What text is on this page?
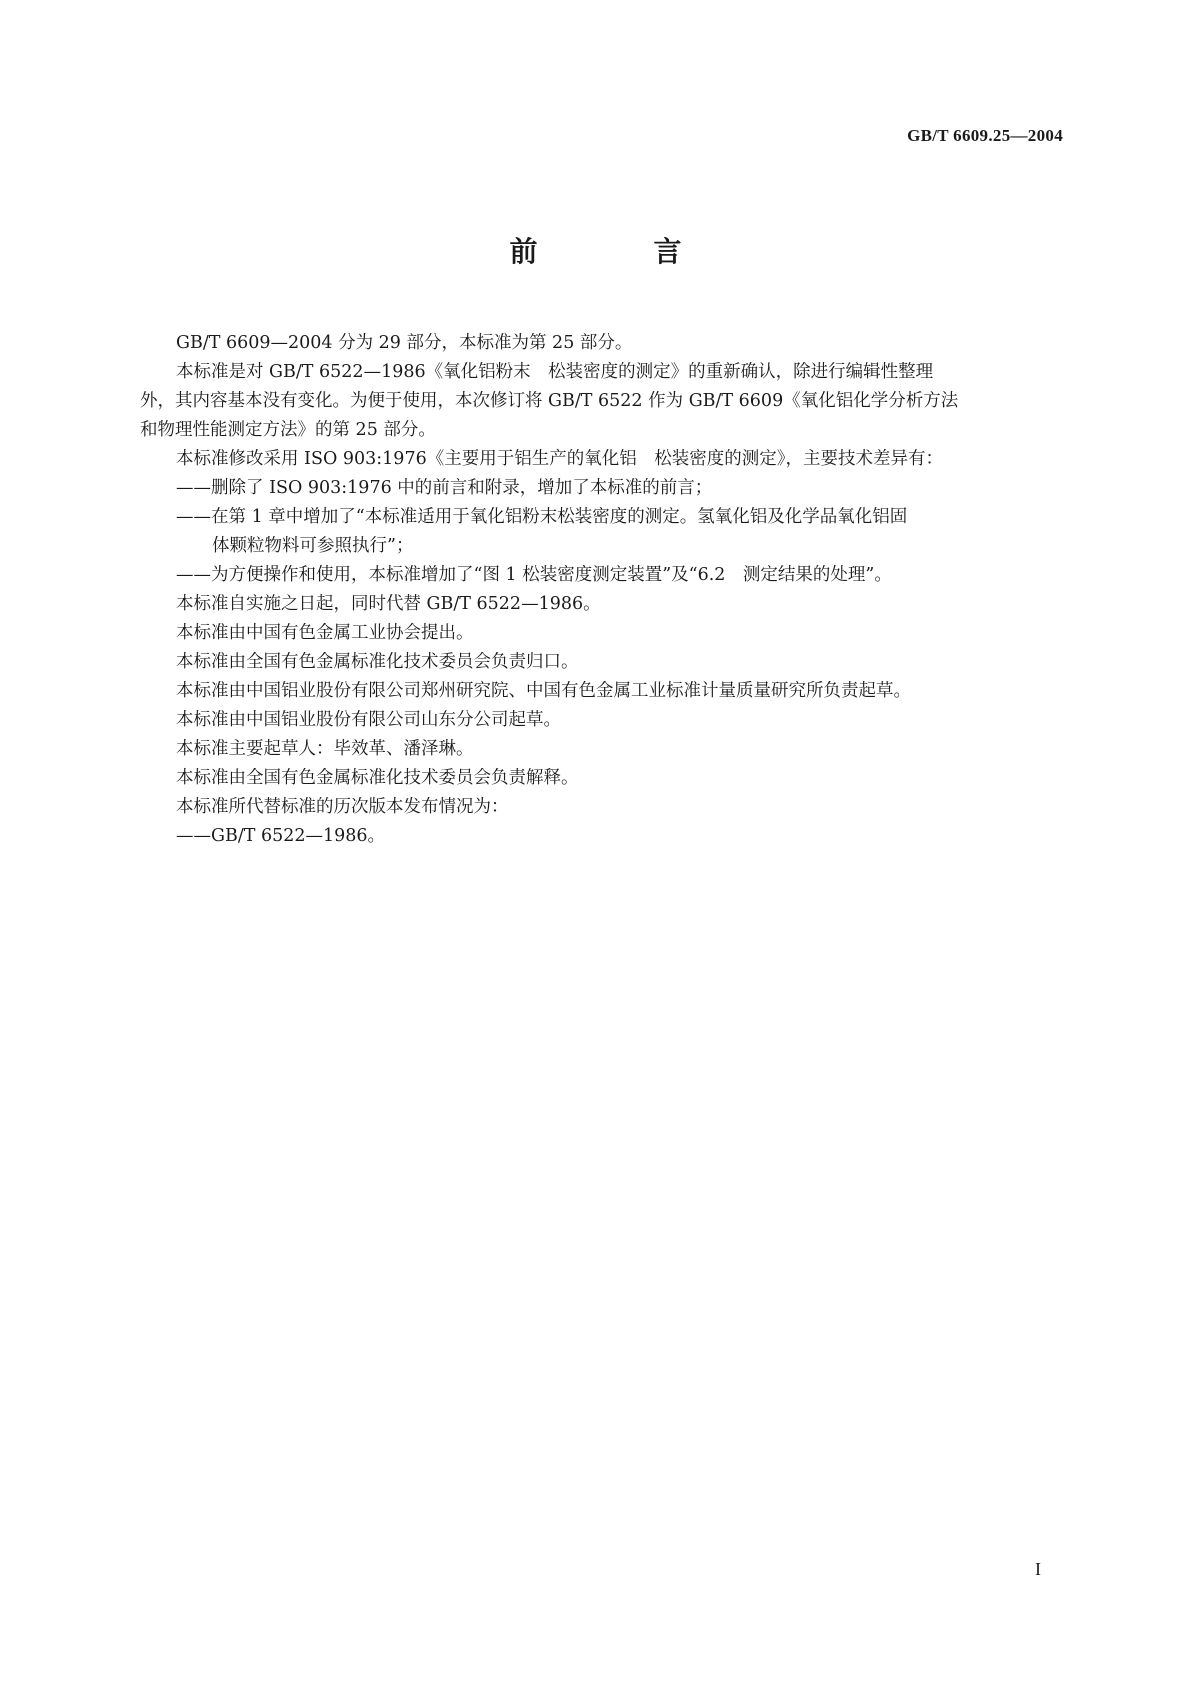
GB/T 6609.25—2004
前　言

GB/T 6609—2004 分为 29 部分，本标准为第 25 部分。

本标准是对 GB/T 6522—1986《氧化铝粉末　松装密度的测定》的重新确认，除进行编辑性整理
外，其内容基本没有变化。为便于使用，本次修订将 GB/T 6522 作为 GB/T 6609《氧化铝化学分析方法
和物理性能测定方法》的第 25 部分。

本标准修改采用 ISO 903:1976《主要用于铝生产的氧化铝　松装密度的测定》，主要技术差异有：

——删除了 ISO 903:1976 中的前言和附录，增加了本标准的前言；

——在第 1 章中增加了“本标准适用于氧化铝粉末松装密度的测定。氢氧化铝及化学品氧化铝固
体颗粒物料可参照执行”；

——为方便操作和使用，本标准增加了“图 1 松装密度测定装置”及“6.2　测定结果的处理”。

本标准自实施之日起，同时代替 GB/T 6522—1986。

本标准由中国有色金属工业协会提出。

本标准由全国有色金属标准化技术委员会负责归口。

本标准由中国铝业股份有限公司郑州研究院、中国有色金属工业标准计量质量研究所负责起草。

本标准由中国铝业股份有限公司山东分公司起草。

本标准主要起草人：毕效革、潘泽琳。

本标准由全国有色金属标准化技术委员会负责解释。

本标准所代替标准的历次版本发布情况为：

——GB/T 6522—1986。

I
